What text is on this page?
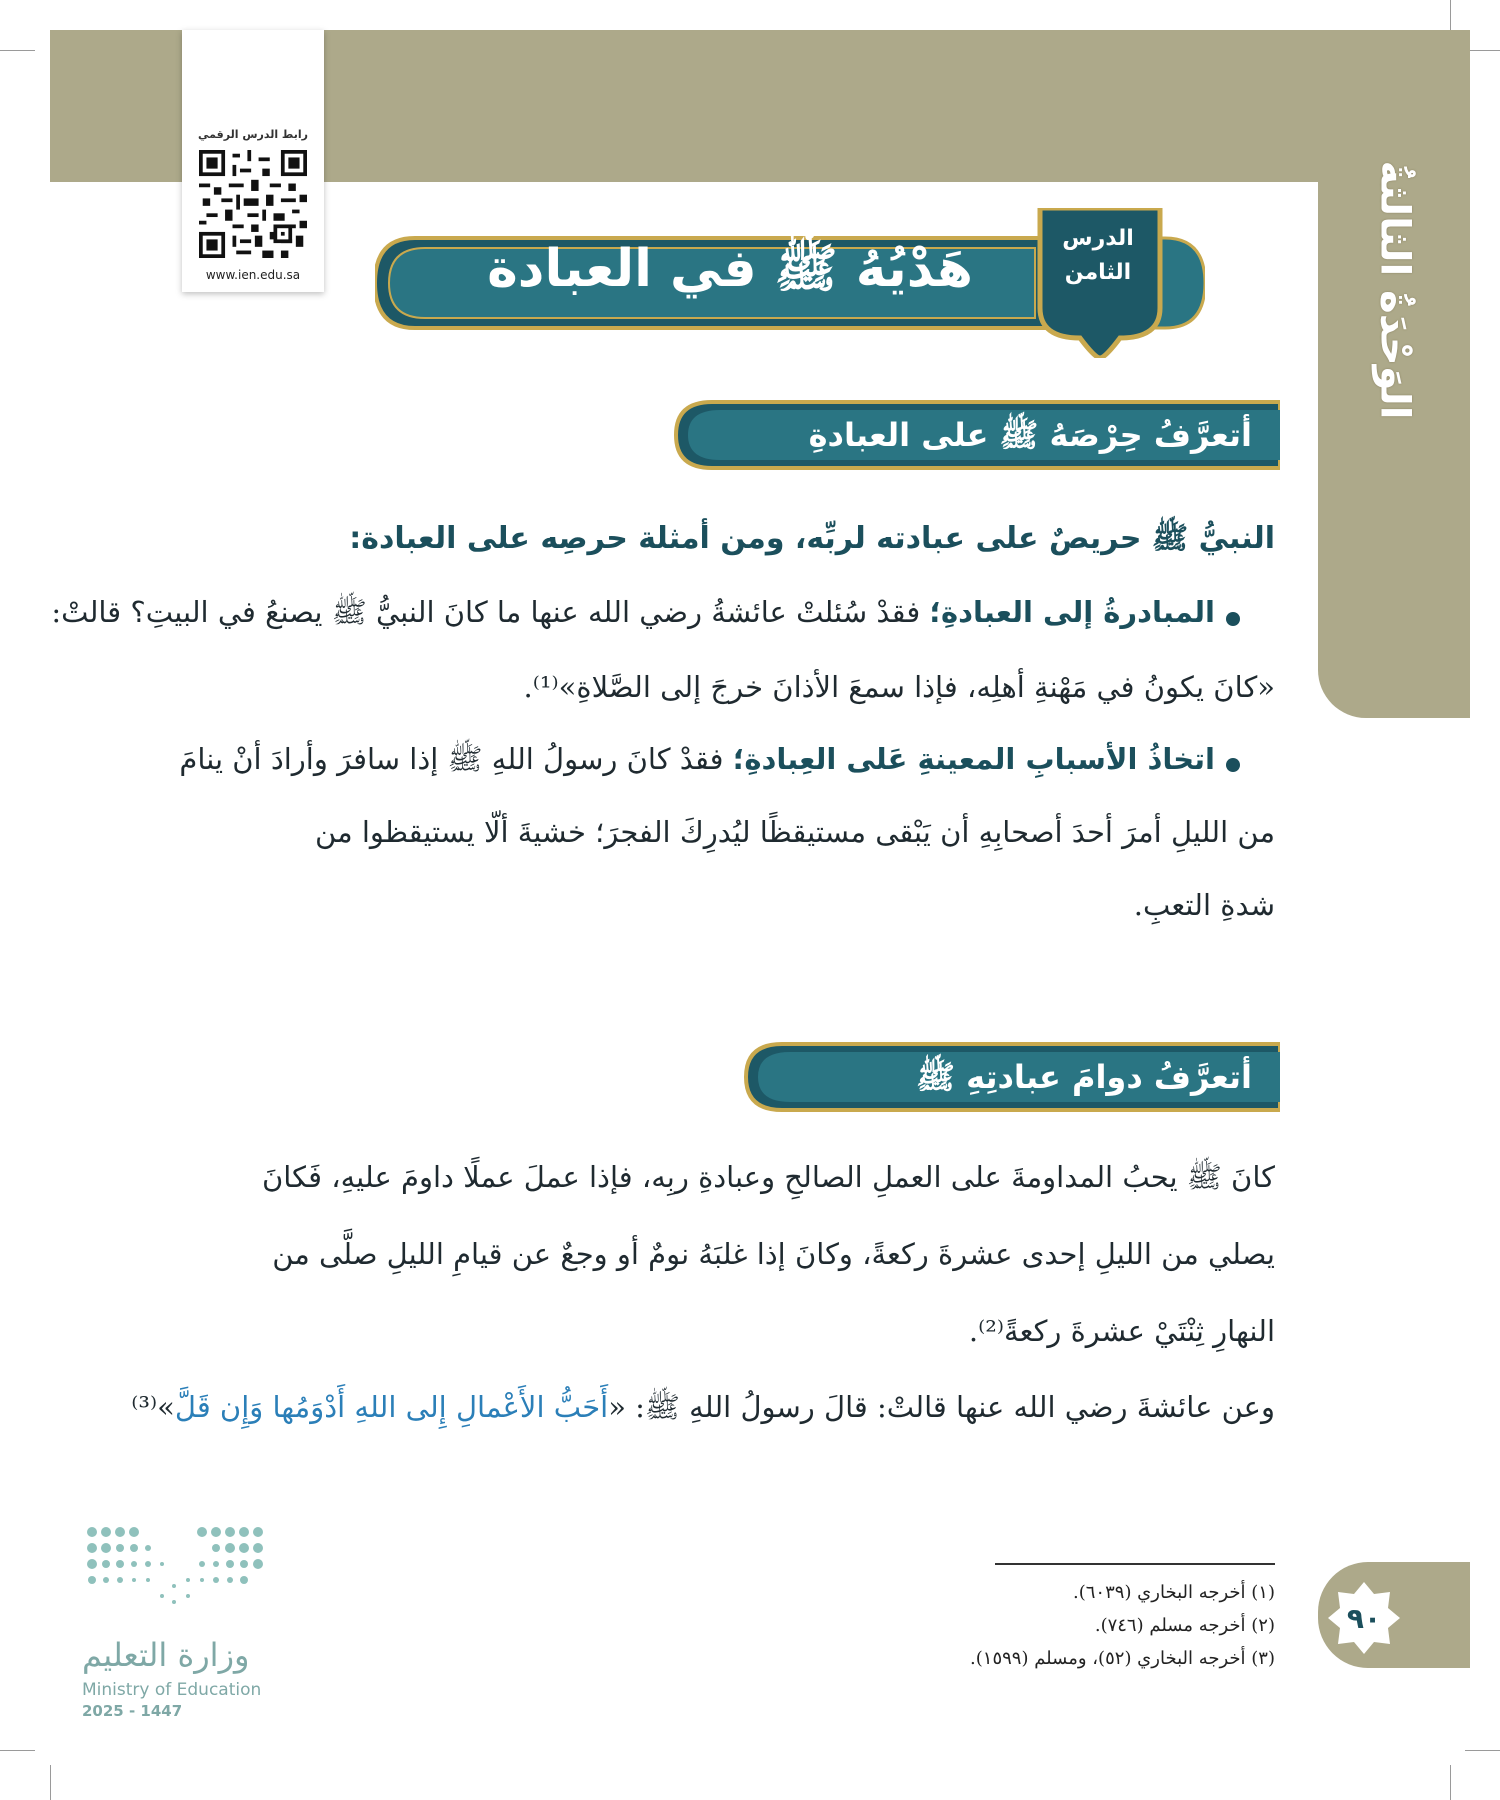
الوَحْدَةُ الثالثةُ
رابط الدرس الرقمي
www.ien.edu.sa	هَدْيُهُ ﷺ في العبادة
الدرس
الثامن
أتعرَّفُ حِرْصَهُ ﷺ على العبادةِ
النبيُّ ﷺ حريصٌ على عبادته لربِّه، ومن أمثلة حرصِه على العبادة:
المبادرةُ إلى العبادةِ؛ فقدْ سُئلتْ عائشةُ رضي الله عنها ما كانَ النبيُّ ﷺ يصنعُ في البيتِ؟ قالتْ:
«كانَ يكونُ في مَهْنةِ أهلِه، فإذا سمعَ الأذانَ خرجَ إلى الصَّلاةِ»⁽¹⁾.
اتخاذُ الأسبابِ المعينةِ عَلى العِبادةِ؛ فقدْ كانَ رسولُ اللهِ ﷺ إذا سافرَ وأرادَ أنْ ينامَ
من الليلِ أمرَ أحدَ أصحابِهِ أن يَبْقى مستيقظًا ليُدرِكَ الفجرَ؛ خشيةَ ألّا يستيقظوا من
شدةِ التعبِ.
أتعرَّفُ دوامَ عبادتِهِ ﷺ
كانَ ﷺ يحبُ المداومةَ على العملِ الصالحِ وعبادةِ ربِه، فإذا عملَ عملًا داومَ عليهِ، فَكانَ
يصلي من الليلِ إحدى عشرةَ ركعةً، وكانَ إذا غلبَهُ نومٌ أو وجعٌ عن قيامِ الليلِ صلَّى من
النهارِ ثِنْتَيْ عشرةَ ركعةً⁽²⁾.
وعن عائشةَ رضي الله عنها قالتْ: قالَ رسولُ اللهِ ﷺ: «أَحَبُّ الأَعْمالِ إِلى اللهِ أَدْوَمُها وَإِن قَلَّ»⁽³⁾
(١) أخرجه البخاري (٦٠٣٩).
(٢) أخرجه مسلم (٧٤٦).
(٣) أخرجه البخاري (٥٢)، ومسلم (١٥٩٩).
٩٠
وزارة التعليم
Ministry of Education
2025 - 1447
